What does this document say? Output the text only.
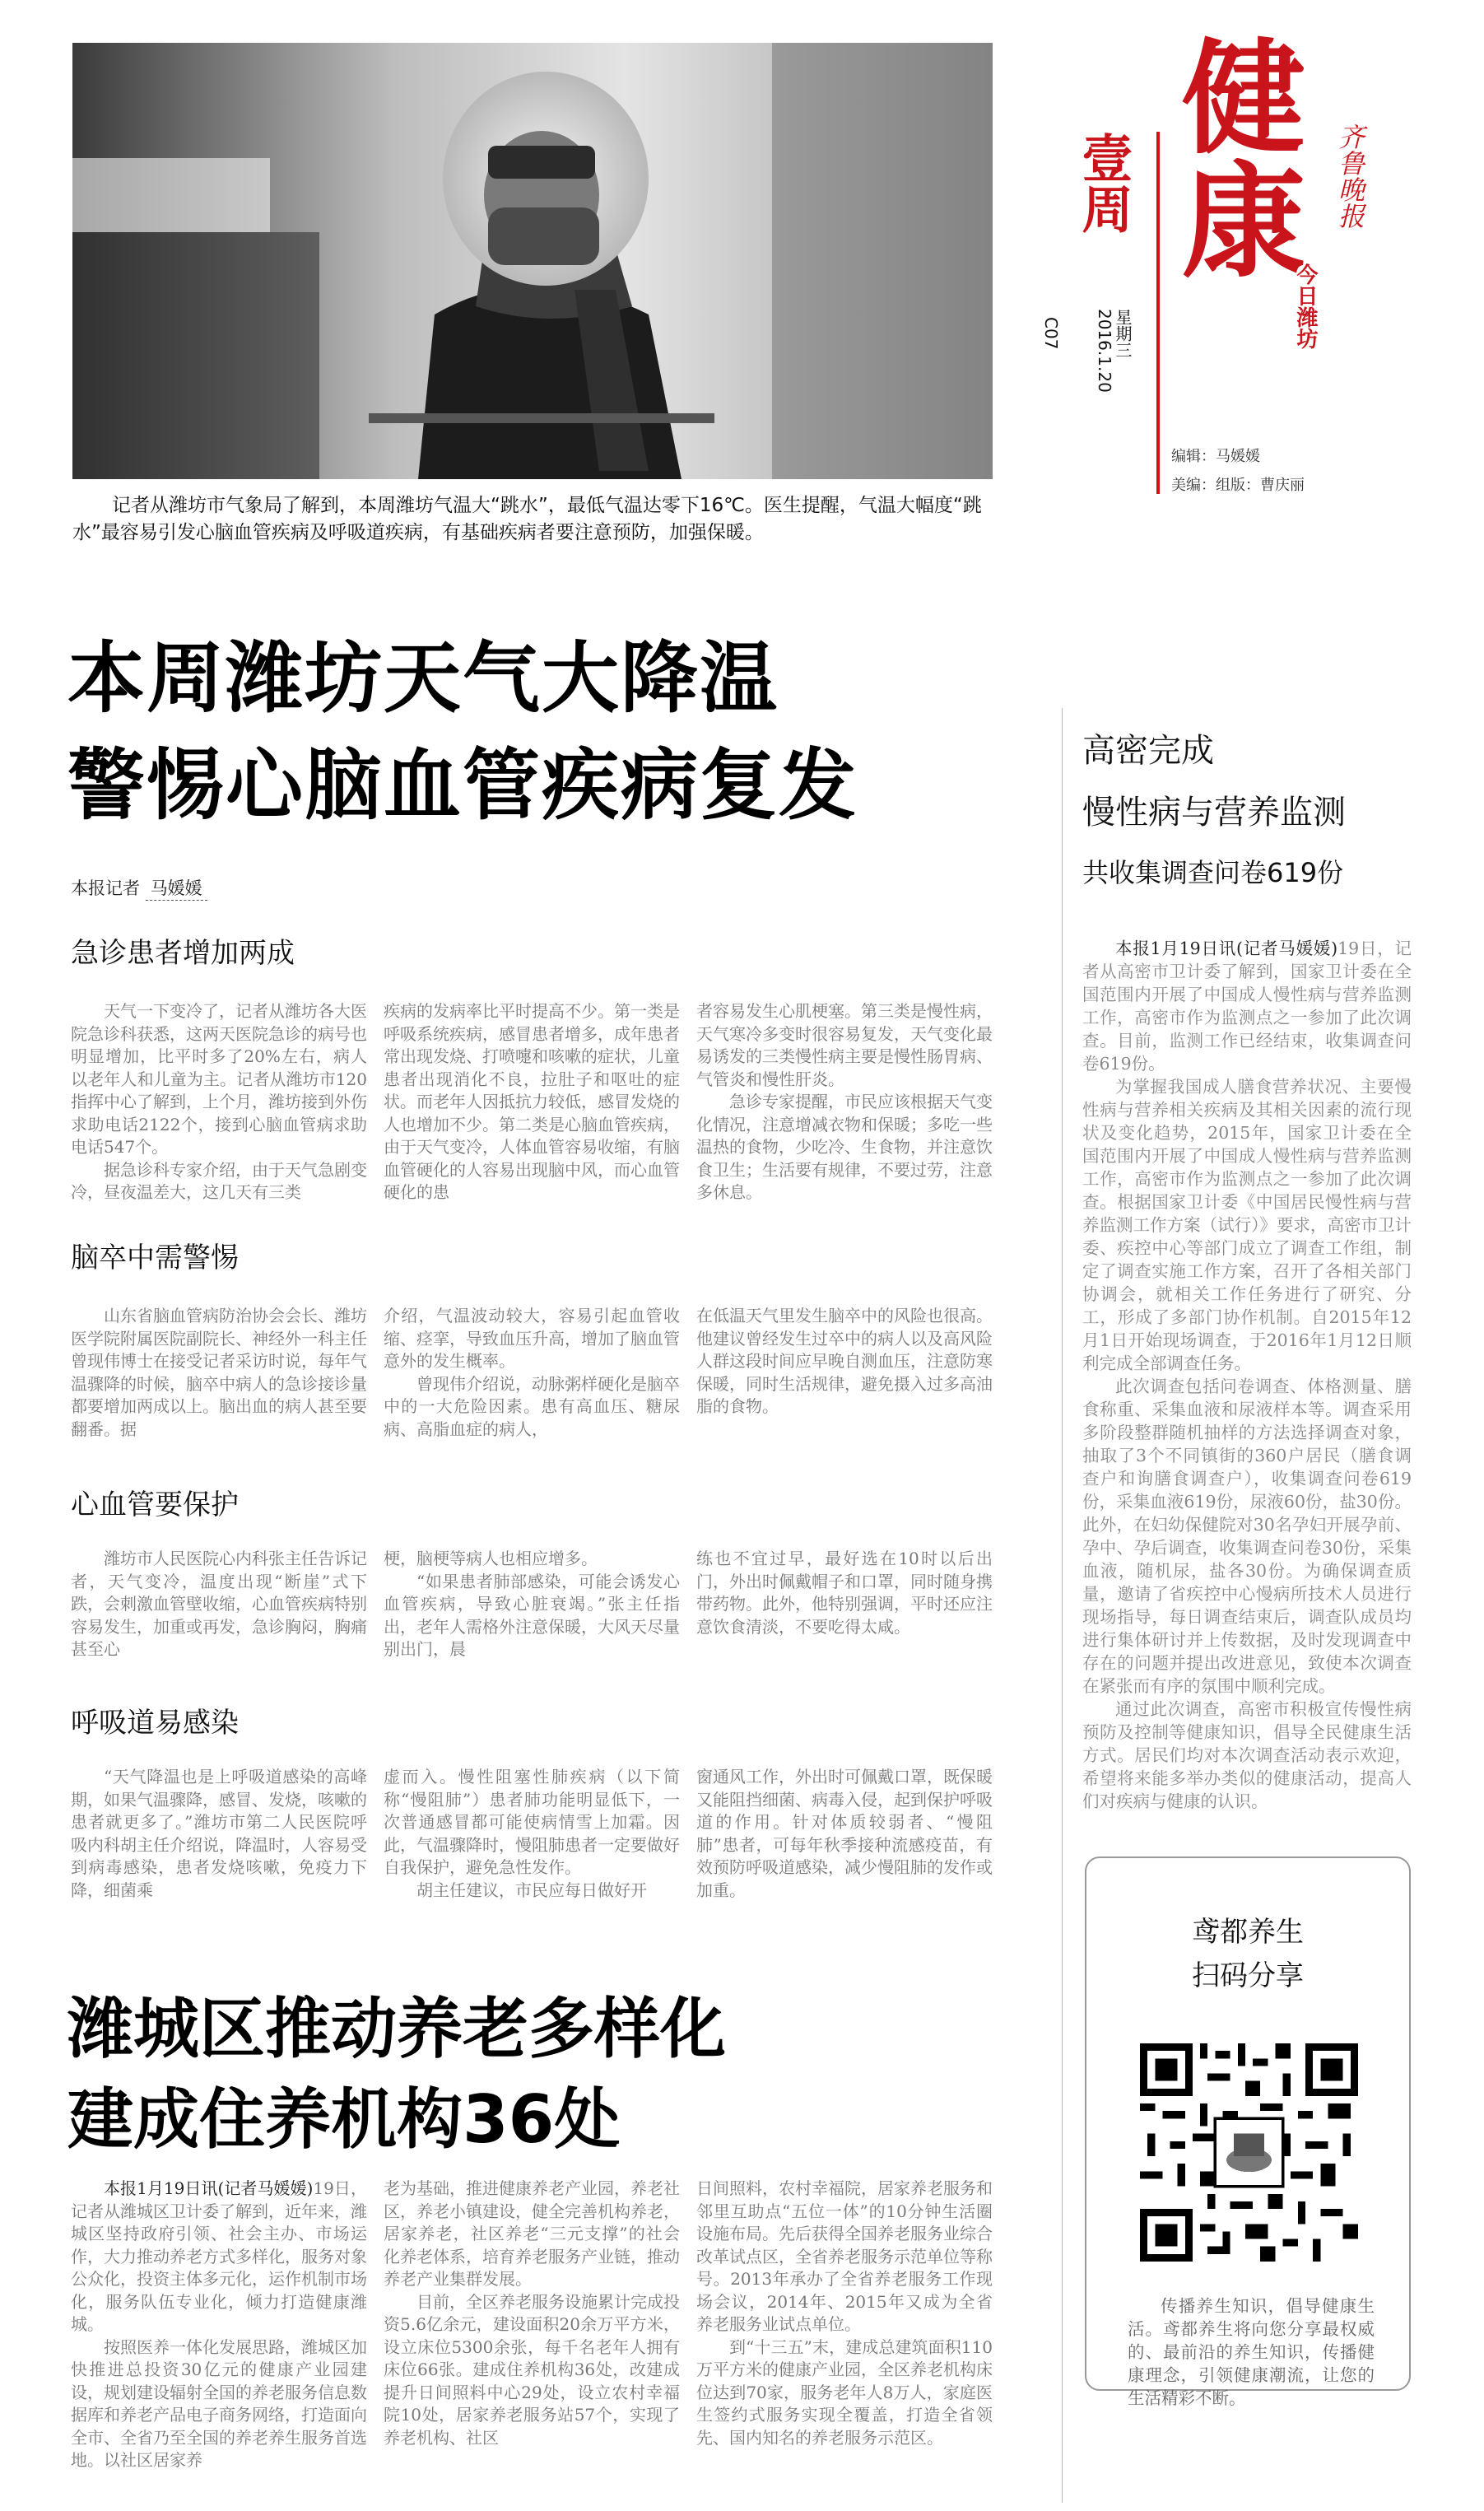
记者从潍坊市气象局了解到，本周潍坊气温大“跳水”，最低气温达零下16℃。医生提醒，气温大幅度“跳水”最容易引发心脑血管疾病及呼吸道疾病，有基础疾病者要注意预防，加强保暖。
健康
壹周	齐鲁晚报
今日潍坊
星期三
2016.1.20
C07
编辑：马媛媛
美编：组版：曹庆丽
本周潍坊天气大降温
警惕心脑血管疾病复发
本报记者 马媛媛
急诊患者增加两成

天气一下变冷了，记者从潍坊各大医院急诊科获悉，这两天医院急诊的病号也明显增加，比平时多了20%左右，病人以老年人和儿童为主。记者从潍坊市120指挥中心了解到，上个月，潍坊接到外伤求助电话2122个，接到心脑血管病求助电话547个。

据急诊科专家介绍，由于天气急剧变冷，昼夜温差大，这几天有三类

疾病的发病率比平时提高不少。第一类是呼吸系统疾病，感冒患者增多，成年患者常出现发烧、打喷嚏和咳嗽的症状，儿童患者出现消化不良，拉肚子和呕吐的症状。而老年人因抵抗力较低，感冒发烧的人也增加不少。第二类是心脑血管疾病，由于天气变冷，人体血管容易收缩，有脑血管硬化的人容易出现脑中风，而心血管硬化的患

者容易发生心肌梗塞。第三类是慢性病，天气寒冷多变时很容易复发，天气变化最易诱发的三类慢性病主要是慢性肠胃病、气管炎和慢性肝炎。

急诊专家提醒，市民应该根据天气变化情况，注意增减衣物和保暖；多吃一些温热的食物，少吃冷、生食物，并注意饮食卫生；生活要有规律，不要过劳，注意多休息。

脑卒中需警惕

山东省脑血管病防治协会会长、潍坊医学院附属医院副院长、神经外一科主任曾现伟博士在接受记者采访时说，每年气温骤降的时候，脑卒中病人的急诊接诊量都要增加两成以上。脑出血的病人甚至要翻番。据

介绍，气温波动较大，容易引起血管收缩、痉挛，导致血压升高，增加了脑血管意外的发生概率。

曾现伟介绍说，动脉粥样硬化是脑卒中的一大危险因素。患有高血压、糖尿病、高脂血症的病人，

在低温天气里发生脑卒中的风险也很高。他建议曾经发生过卒中的病人以及高风险人群这段时间应早晚自测血压，注意防寒保暖，同时生活规律，避免摄入过多高油脂的食物。

心血管要保护

潍坊市人民医院心内科张主任告诉记者，天气变冷，温度出现“断崖”式下跌，会刺激血管壁收缩，心血管疾病特别容易发生，加重或再发，急诊胸闷，胸痛甚至心

梗，脑梗等病人也相应增多。

“如果患者肺部感染，可能会诱发心血管疾病，导致心脏衰竭。”张主任指出，老年人需格外注意保暖，大风天尽量别出门，晨

练也不宜过早，最好选在10时以后出门，外出时佩戴帽子和口罩，同时随身携带药物。此外，他特别强调，平时还应注意饮食清淡，不要吃得太咸。

呼吸道易感染

“天气降温也是上呼吸道感染的高峰期，如果气温骤降，感冒、发烧，咳嗽的患者就更多了。”潍坊市第二人民医院呼吸内科胡主任介绍说，降温时，人容易受到病毒感染，患者发烧咳嗽，免疫力下降，细菌乘

虚而入。慢性阻塞性肺疾病（以下简称“慢阻肺”）患者肺功能明显低下，一次普通感冒都可能使病情雪上加霜。因此，气温骤降时，慢阻肺患者一定要做好自我保护，避免急性发作。

胡主任建议，市民应每日做好开

窗通风工作，外出时可佩戴口罩，既保暖又能阻挡细菌、病毒入侵，起到保护呼吸道的作用。针对体质较弱者、“慢阻肺”患者，可每年秋季接种流感疫苗，有效预防呼吸道感染，减少慢阻肺的发作或加重。

潍城区推动养老多样化
建成住养机构36处

本报1月19日讯(记者马媛媛)19日，记者从潍城区卫计委了解到，近年来，潍城区坚持政府引领、社会主办、市场运作，大力推动养老方式多样化，服务对象公众化，投资主体多元化，运作机制市场化，服务队伍专业化，倾力打造健康潍城。

按照医养一体化发展思路，潍城区加快推进总投资30亿元的健康产业园建设，规划建设辐射全国的养老服务信息数据库和养老产品电子商务网络，打造面向全市、全省乃至全国的养老养生服务首选地。以社区居家养

老为基础，推进健康养老产业园，养老社区，养老小镇建设，健全完善机构养老，居家养老，社区养老“三元支撑”的社会化养老体系，培育养老服务产业链，推动养老产业集群发展。

目前，全区养老服务设施累计完成投资5.6亿余元，建设面积20余万平方米，设立床位5300余张，每千名老年人拥有床位66张。建成住养机构36处，改建成提升日间照料中心29处，设立农村幸福院10处，居家养老服务站57个，实现了养老机构、社区

日间照料，农村幸福院，居家养老服务和邻里互助点“五位一体”的10分钟生活圈设施布局。先后获得全国养老服务业综合改革试点区，全省养老服务示范单位等称号。2013年承办了全省养老服务工作现场会议，2014年、2015年又成为全省养老服务业试点单位。

到“十三五”末，建成总建筑面积110万平方米的健康产业园，全区养老机构床位达到70家，服务老年人8万人，家庭医生签约式服务实现全覆盖，打造全省领先、国内知名的养老服务示范区。

高密完成
慢性病与营养监测
共收集调查问卷619份

本报1月19日讯(记者马媛媛)19日，记者从高密市卫计委了解到，国家卫计委在全国范围内开展了中国成人慢性病与营养监测工作，高密市作为监测点之一参加了此次调查。目前，监测工作已经结束，收集调查问卷619份。

为掌握我国成人膳食营养状况、主要慢性病与营养相关疾病及其相关因素的流行现状及变化趋势，2015年，国家卫计委在全国范围内开展了中国成人慢性病与营养监测工作，高密市作为监测点之一参加了此次调查。根据国家卫计委《中国居民慢性病与营养监测工作方案（试行）》要求，高密市卫计委、疾控中心等部门成立了调查工作组，制定了调查实施工作方案，召开了各相关部门协调会，就相关工作任务进行了研究、分工，形成了多部门协作机制。自2015年12月1日开始现场调查，于2016年1月12日顺利完成全部调查任务。

此次调查包括问卷调查、体格测量、膳食称重、采集血液和尿液样本等。调查采用多阶段整群随机抽样的方法选择调查对象，抽取了3个不同镇街的360户居民（膳食调查户和询膳食调查户），收集调查问卷619份，采集血液619份，尿液60份，盐30份。此外，在妇幼保健院对30名孕妇开展孕前、孕中、孕后调查，收集调查问卷30份，采集血液，随机尿，盐各30份。为确保调查质量，邀请了省疾控中心慢病所技术人员进行现场指导，每日调查结束后，调查队成员均进行集体研讨并上传数据，及时发现调查中存在的问题并提出改进意见，致使本次调查在紧张而有序的氛围中顺利完成。

通过此次调查，高密市积极宣传慢性病预防及控制等健康知识，倡导全民健康生活方式。居民们均对本次调查活动表示欢迎，希望将来能多举办类似的健康活动，提高人们对疾病与健康的认识。

鸢都养生
扫码分享
传播养生知识，倡导健康生活。鸢都养生将向您分享最权威的、最前沿的养生知识，传播健康理念，引领健康潮流，让您的生活精彩不断。
